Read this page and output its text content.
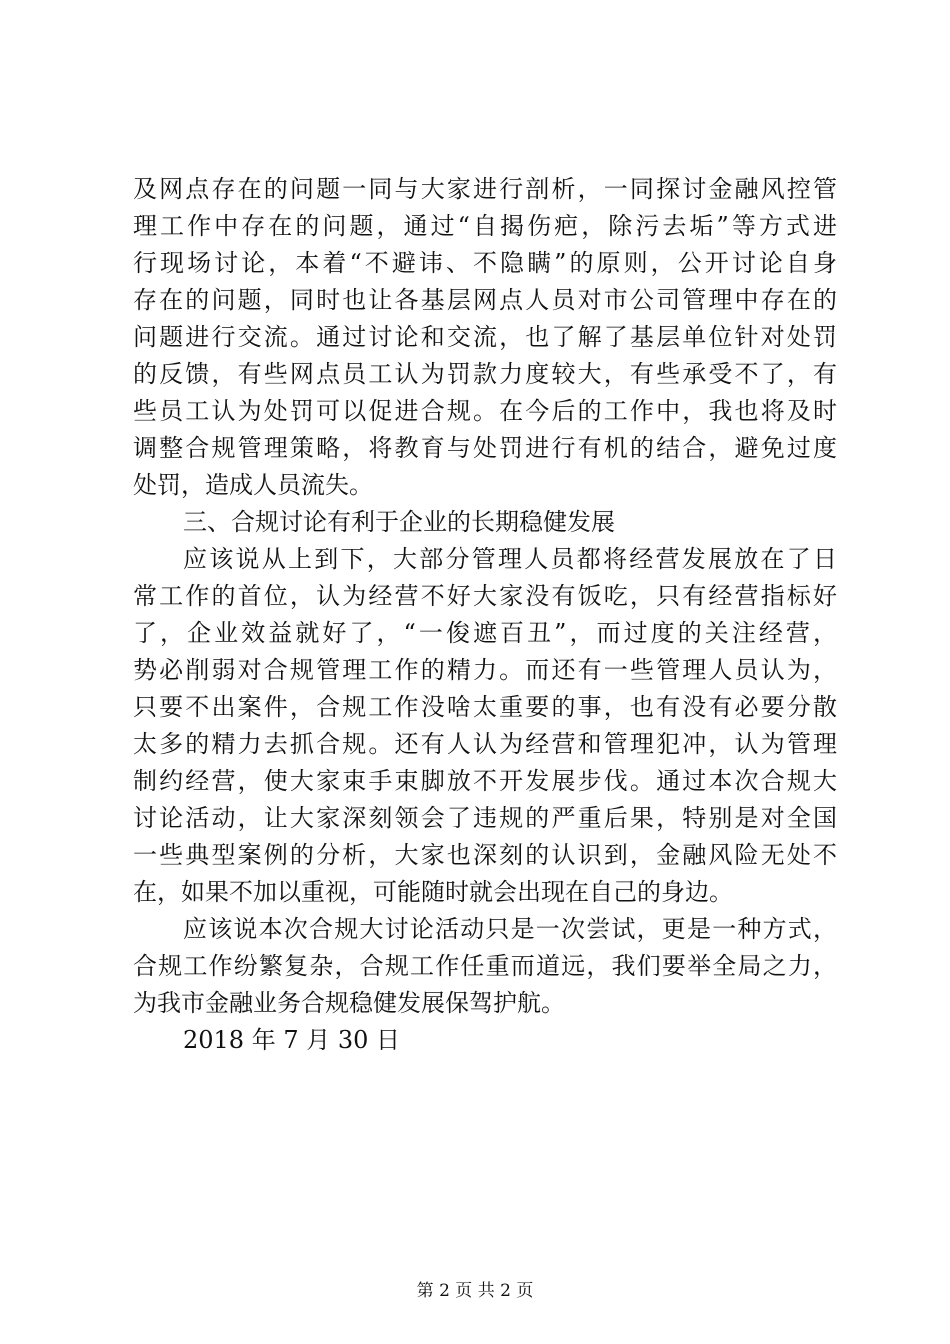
及网点存在的问题一同与大家进行剖析，一同探讨金融风控管
理工作中存在的问题，通过“自揭伤疤，除污去垢”等方式进
行现场讨论，本着“不避讳、不隐瞒”的原则，公开讨论自身
存在的问题，同时也让各基层网点人员对市公司管理中存在的
问题进行交流。通过讨论和交流，也了解了基层单位针对处罚
的反馈，有些网点员工认为罚款力度较大，有些承受不了，有
些员工认为处罚可以促进合规。在今后的工作中，我也将及时
调整合规管理策略，将教育与处罚进行有机的结合，避免过度
处罚，造成人员流失。
三、合规讨论有利于企业的长期稳健发展
应该说从上到下，大部分管理人员都将经营发展放在了日
常工作的首位，认为经营不好大家没有饭吃，只有经营指标好
了，企业效益就好了，“一俊遮百丑”，而过度的关注经营，
势必削弱对合规管理工作的精力。而还有一些管理人员认为，
只要不出案件，合规工作没啥太重要的事，也有没有必要分散
太多的精力去抓合规。还有人认为经营和管理犯冲，认为管理
制约经营，使大家束手束脚放不开发展步伐。通过本次合规大
讨论活动，让大家深刻领会了违规的严重后果，特别是对全国
一些典型案例的分析，大家也深刻的认识到，金融风险无处不
在，如果不加以重视，可能随时就会出现在自己的身边。
应该说本次合规大讨论活动只是一次尝试，更是一种方式，
合规工作纷繁复杂，合规工作任重而道远，我们要举全局之力，
为我市金融业务合规稳健发展保驾护航。
2018 年 7 月 30 日
第 2 页 共 2 页
